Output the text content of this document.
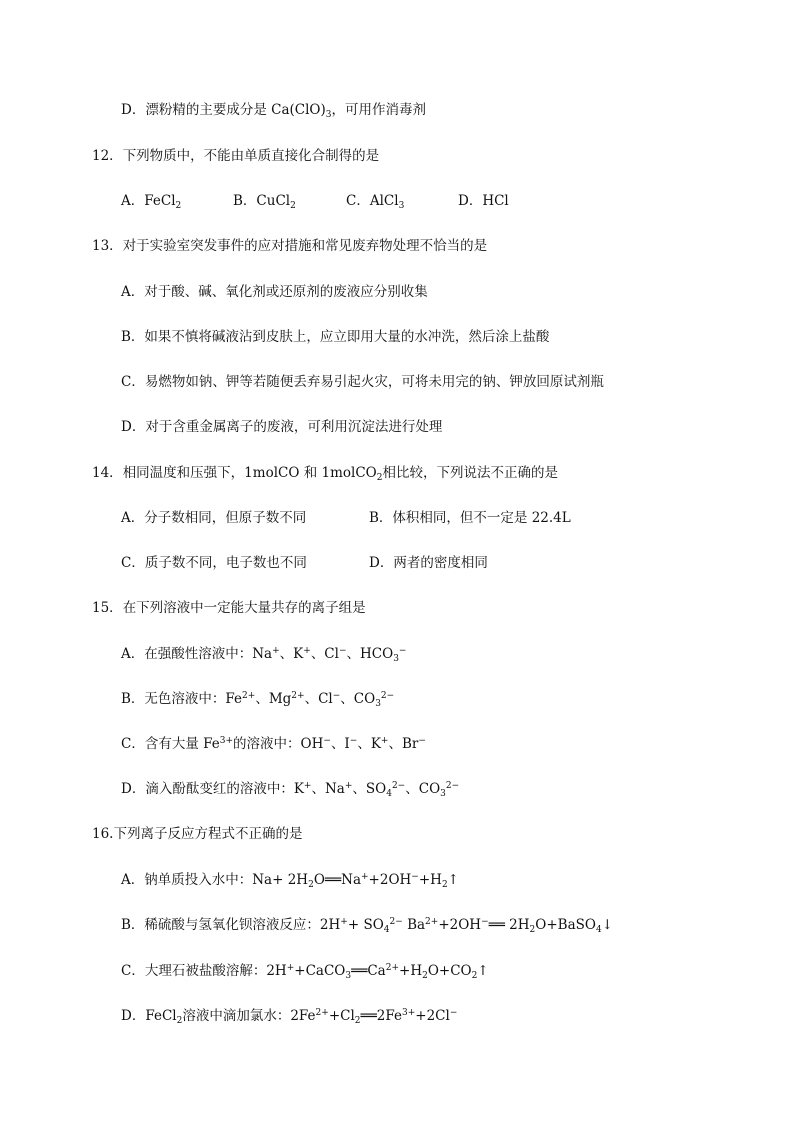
D．漂粉精的主要成分是 $Ca(ClO)_3$，可用作消毒剂
12．下列物质中，不能由单质直接化合制得的是
A．FeCl$_2$	B．CuCl$_2$	C．AlCl$_3$	D．HCl
13．对于实验室突发事件的应对措施和常见废弃物处理不恰当的是
A．对于酸、碱、氧化剂或还原剂的废液应分别收集
B．如果不慎将碱液沾到皮肤上，应立即用大量的水冲洗，然后涂上盐酸
C．易燃物如钠、钾等若随便丢弃易引起火灾，可将未用完的钠、钾放回原试剂瓶
D．对于含重金属离子的废液，可利用沉淀法进行处理
14．相同温度和压强下，1molCO 和 1molCO$_2$相比较，下列说法不正确的是
A．分子数相同，但原子数不同	B．体积相同，但不一定是 22.4L
C．质子数不同，电子数也不同	D．两者的密度相同
15．在下列溶液中一定能大量共存的离子组是
A．在强酸性溶液中：Na+、K+、Cl−、$HCO_3^-$
B．无色溶液中：$Fe^{2+}$、$Mg^{2+}$、Cl−、$CO_3^{2-}$
C．含有大量 $Fe^{3+}$的溶液中：OH−、I−、K+、Br−
D．滴入酚酞变红的溶液中：K+、Na+、$SO_4^{2-}$、$CO_3^{2-}$
16.下列离子反应方程式不正确的是
A．钠单质投入水中：$Na+ 2H_2O══Na^++2OH^-+H_2↑$
B．稀硫酸与氢氧化钡溶液反应：$2H^++ SO_4^{2-}$ $Ba^{2+}+2OH^-══$ $2H_2O+BaSO_4↓$
C．大理石被盐酸溶解：$2H^++CaCO_3══Ca^{2+}+H_2O+CO_2↑$
D．FeCl$_2$溶液中滴加氯水：$2Fe^{2+}+Cl_2══2Fe^{3+}+2Cl^-$
